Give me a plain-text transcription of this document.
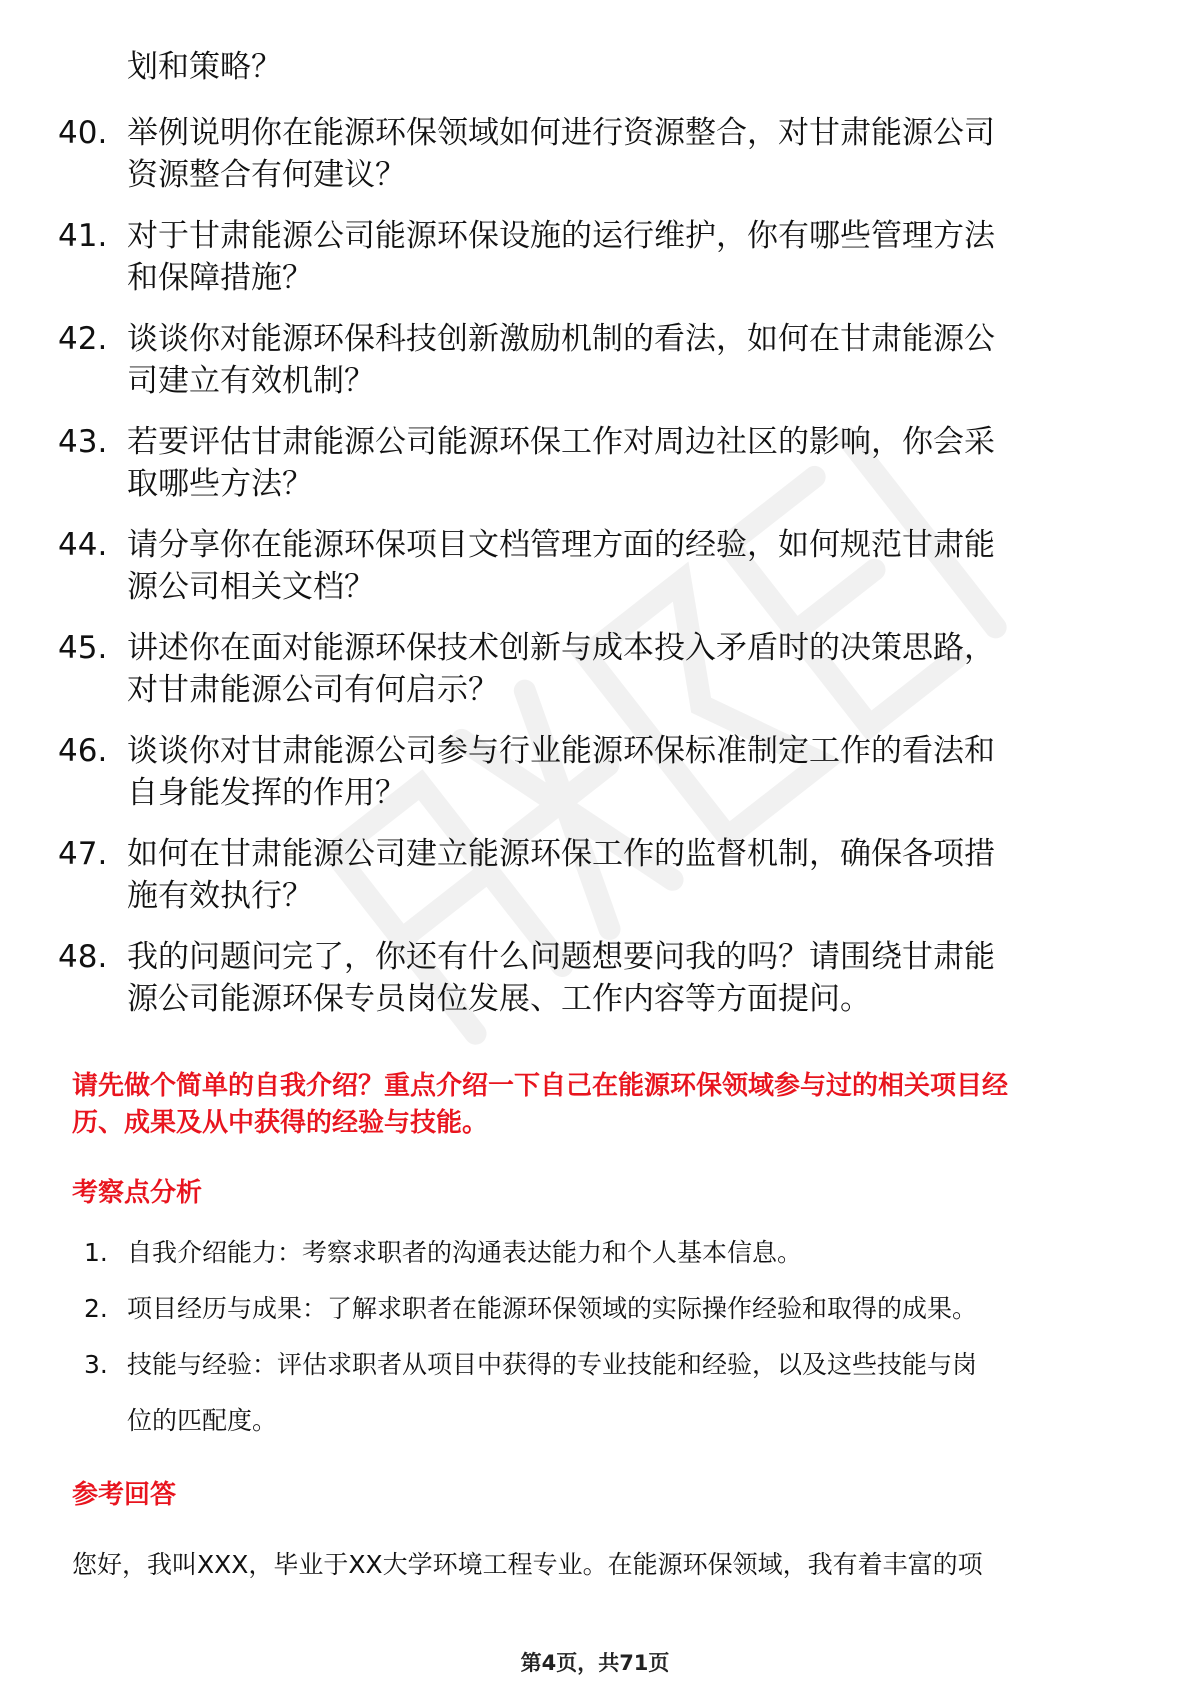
划和策略？

40. 举例说明你在能源环保领域如何进行资源整合，对甘肃能源公司
资源整合有何建议？
41. 对于甘肃能源公司能源环保设施的运行维护，你有哪些管理方法
和保障措施？
42. 谈谈你对能源环保科技创新激励机制的看法，如何在甘肃能源公
司建立有效机制？
43. 若要评估甘肃能源公司能源环保工作对周边社区的影响，你会采
取哪些方法？
44. 请分享你在能源环保项目文档管理方面的经验，如何规范甘肃能
源公司相关文档？
45. 讲述你在面对能源环保技术创新与成本投入矛盾时的决策思路，
对甘肃能源公司有何启示？
46. 谈谈你对甘肃能源公司参与行业能源环保标准制定工作的看法和
自身能发挥的作用？
47. 如何在甘肃能源公司建立能源环保工作的监督机制，确保各项措
施有效执行？
48. 我的问题问完了，你还有什么问题想要问我的吗？请围绕甘肃能
源公司能源环保专员岗位发展、工作内容等方面提问。

请先做个简单的自我介绍？重点介绍一下自己在能源环保领域参与过的相关项目经
历、成果及从中获得的经验与技能。

考察点分析
1. 自我介绍能力：考察求职者的沟通表达能力和个人基本信息。
2. 项目经历与成果：了解求职者在能源环保领域的实际操作经验和取得的成果。
3. 技能与经验：评估求职者从项目中获得的专业技能和经验，以及这些技能与岗
位的匹配度。
参考回答

您好，我叫XXX，毕业于XX大学环境工程专业。在能源环保领域，我有着丰富的项

第4页，共71页
